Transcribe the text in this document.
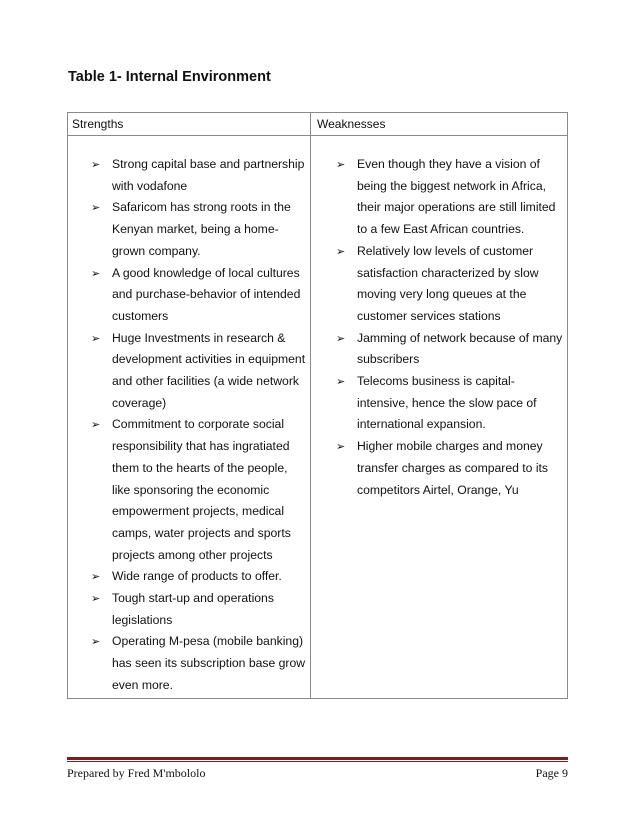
Table 1- Internal Environment
Strengths	Weaknesses
➢ Strong capital base and partnership with vodafone
➢ Safaricom has strong roots in the Kenyan market, being a home-grown company.
➢ A good knowledge of local cultures and purchase-behavior of intended customers
➢ Huge Investments in research & development activities in equipment and other facilities (a wide network coverage)
➢ Commitment to corporate social responsibility that has ingratiated them to the hearts of the people, like sponsoring the economic empowerment projects, medical camps, water projects and sports projects among other projects
➢ Wide range of products to offer.
➢ Tough start-up and operations legislations
➢ Operating M-pesa (mobile banking) has seen its subscription base grow even more.
➢ Even though they have a vision of being the biggest network in Africa, their major operations are still limited to a few East African countries.
➢ Relatively low levels of customer satisfaction characterized by slow moving very long queues at the customer services stations
➢ Jamming of network because of many subscribers
➢ Telecoms business is capital-intensive, hence the slow pace of international expansion.
➢ Higher mobile charges and money transfer charges as compared to its competitors Airtel, Orange, Yu
Prepared by Fred M'mbololo	Page 9
